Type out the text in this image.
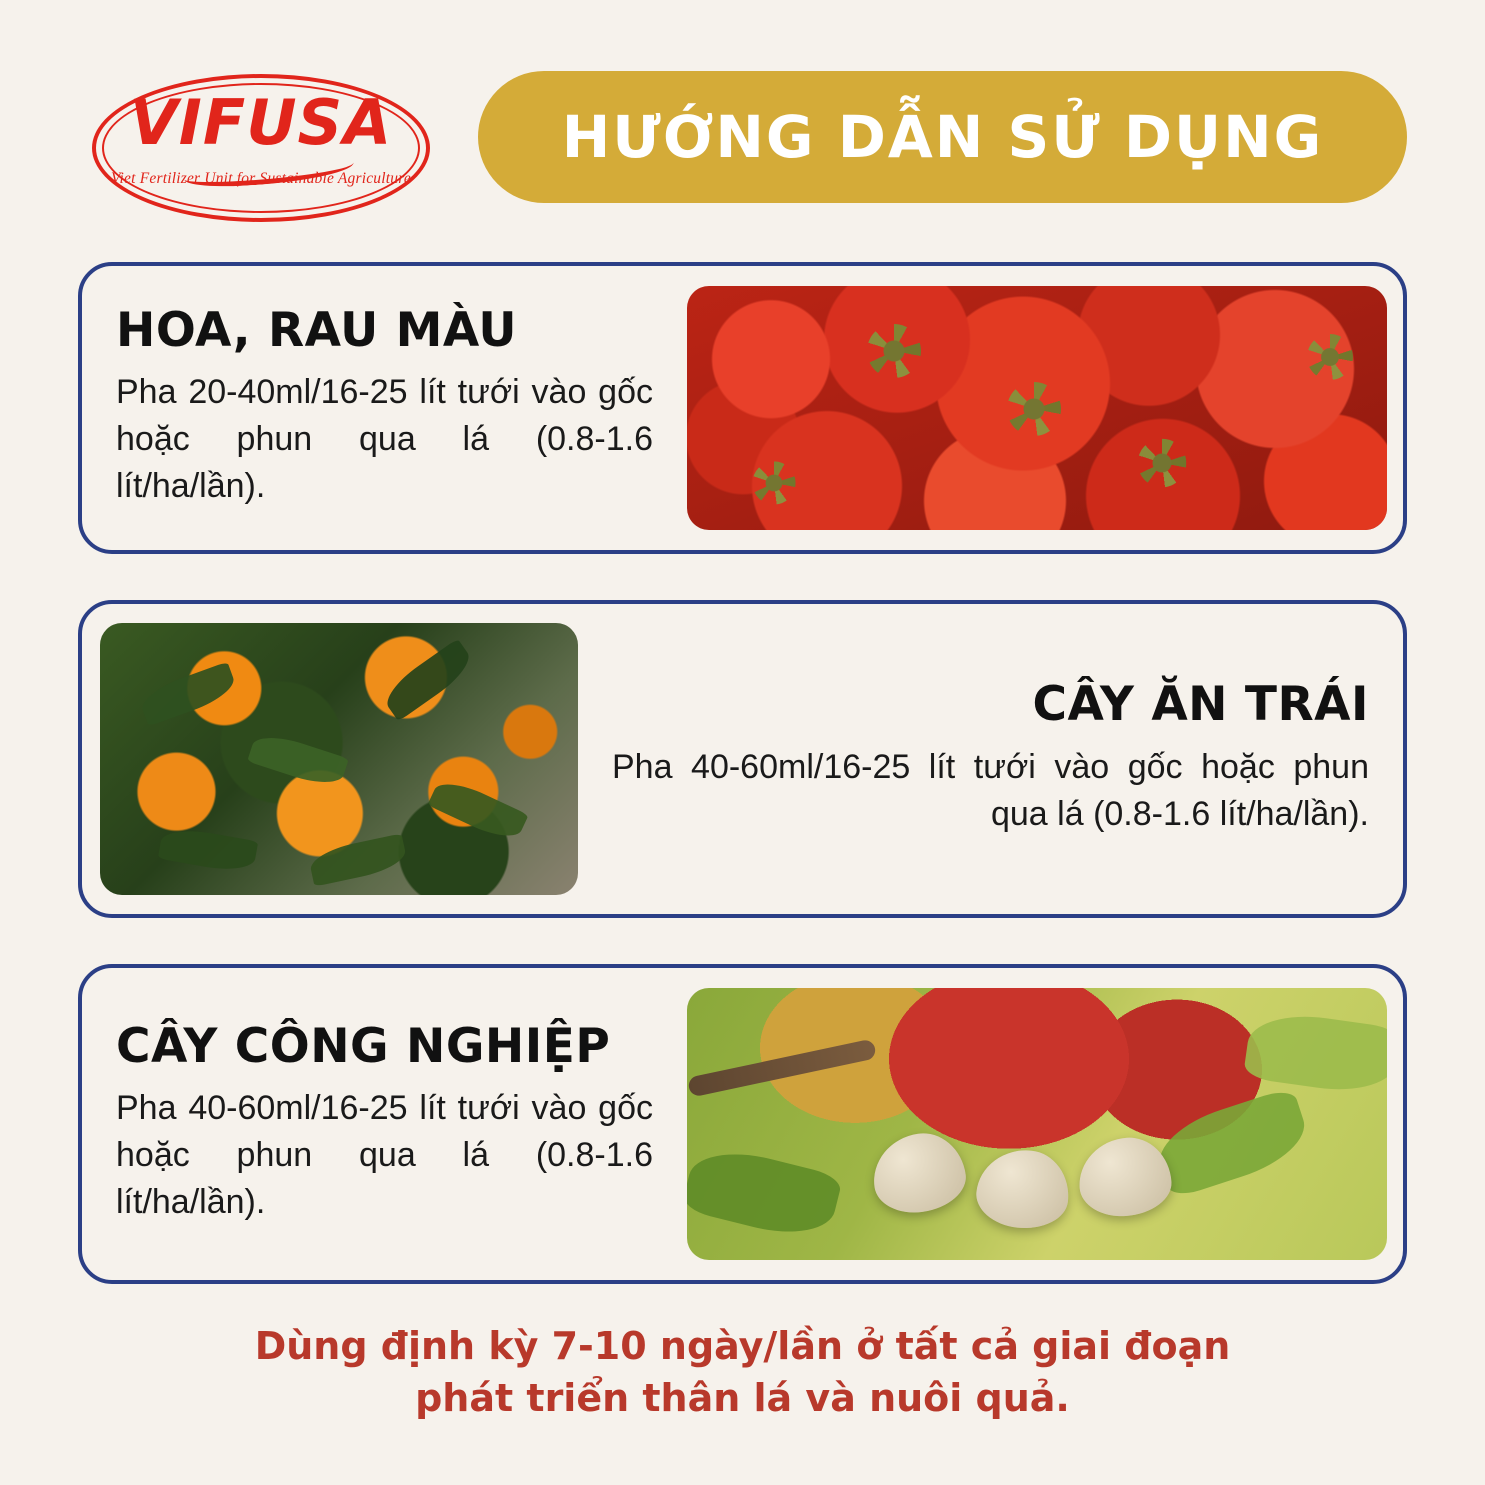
VIFUSA
Viet Fertilizer Unit for Sustainable Agriculture
HƯỚNG DẪN SỬ DỤNG
HOA, RAU MÀU

Pha 20-40ml/16-25 lít tưới vào gốc hoặc phun qua lá (0.8-1.6 lít/ha/lần).

CÂY ĂN TRÁI

Pha 40-60ml/16-25 lít tưới vào gốc hoặc phun qua lá (0.8-1.6 lít/ha/lần).

CÂY CÔNG NGHIỆP

Pha 40-60ml/16-25 lít tưới vào gốc hoặc phun qua lá (0.8-1.6 lít/ha/lần).

Dùng định kỳ 7-10 ngày/lần ở tất cả giai đoạn

phát triển thân lá và nuôi quả.
